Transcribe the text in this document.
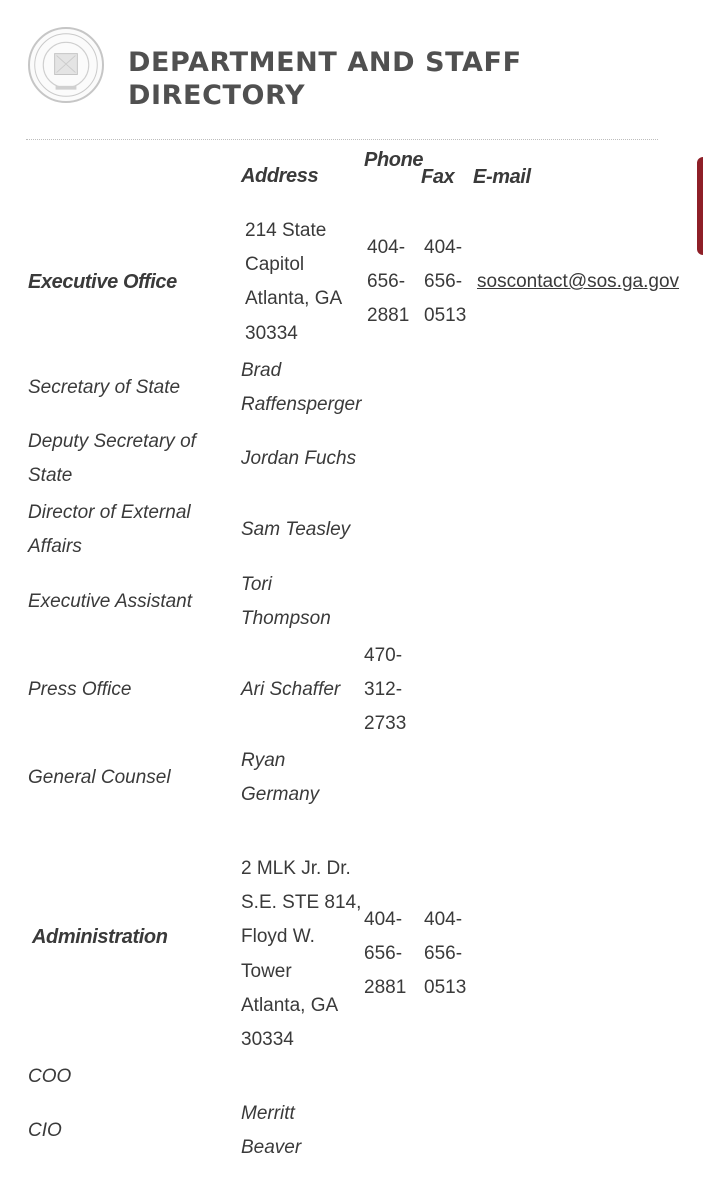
DEPARTMENT AND STAFF DIRECTORY
Address
Phone
Fax E-mail
Executive Office
214 State
Capitol
Atlanta, GA
30334
404-
656-
2881
404-
656-
0513
soscontact@sos.ga.gov
Secretary of State
Brad
Raffensperger
Deputy Secretary of
State
Jordan Fuchs
Director of External
Affairs
Sam Teasley
Executive Assistant
Tori
Thompson
Press Office	Ari Schaffer
470-
312-
2733
General Counsel
Ryan
Germany
Administration
2 MLK Jr. Dr.
S.E. STE 814,
Floyd W.
Tower
Atlanta, GA
30334
404-
656-
2881
404-
656-
0513
COO
CIO
Merritt
Beaver
